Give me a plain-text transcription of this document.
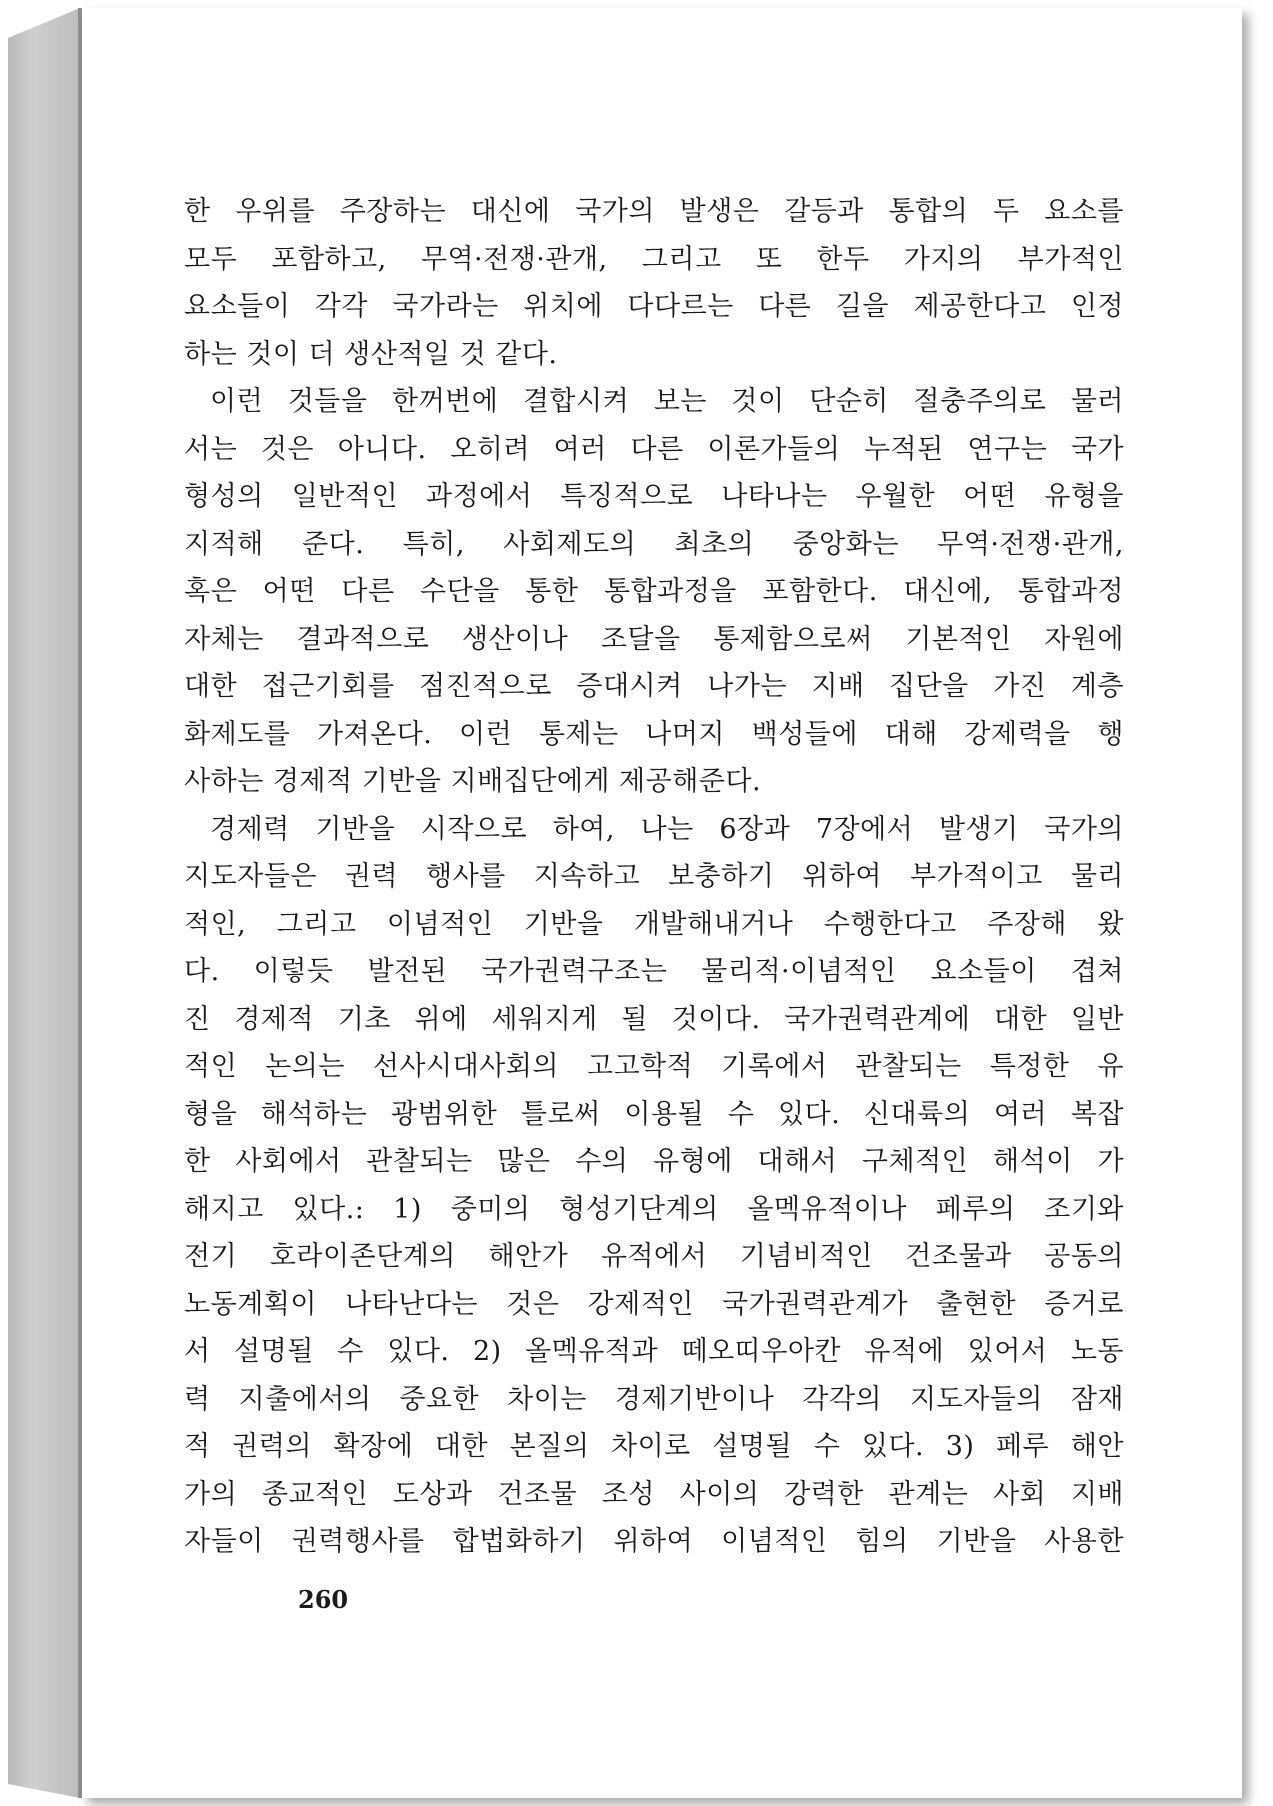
한 우위를 주장하는 대신에 국가의 발생은 갈등과 통합의 두 요소를
모두 포함하고, 무역·전쟁·관개, 그리고 또 한두 가지의 부가적인
요소들이 각각 국가라는 위치에 다다르는 다른 길을 제공한다고 인정
하는 것이 더 생산적일 것 같다.
이런 것들을 한꺼번에 결합시켜 보는 것이 단순히 절충주의로 물러
서는 것은 아니다. 오히려 여러 다른 이론가들의 누적된 연구는 국가
형성의 일반적인 과정에서 특징적으로 나타나는 우월한 어떤 유형을
지적해 준다. 특히, 사회제도의 최초의 중앙화는 무역·전쟁·관개,
혹은 어떤 다른 수단을 통한 통합과정을 포함한다. 대신에, 통합과정
자체는 결과적으로 생산이나 조달을 통제함으로써 기본적인 자원에
대한 접근기회를 점진적으로 증대시켜 나가는 지배 집단을 가진 계층
화제도를 가져온다. 이런 통제는 나머지 백성들에 대해 강제력을 행
사하는 경제적 기반을 지배집단에게 제공해준다.
경제력 기반을 시작으로 하여, 나는 6장과 7장에서 발생기 국가의
지도자들은 권력 행사를 지속하고 보충하기 위하여 부가적이고 물리
적인, 그리고 이념적인 기반을 개발해내거나 수행한다고 주장해 왔
다. 이렇듯 발전된 국가권력구조는 물리적·이념적인 요소들이 겹쳐
진 경제적 기초 위에 세워지게 될 것이다. 국가권력관계에 대한 일반
적인 논의는 선사시대사회의 고고학적 기록에서 관찰되는 특정한 유
형을 해석하는 광범위한 틀로써 이용될 수 있다. 신대륙의 여러 복잡
한 사회에서 관찰되는 많은 수의 유형에 대해서 구체적인 해석이 가
해지고 있다.: 1) 중미의 형성기단계의 올멕유적이나 페루의 조기와
전기 호라이존단계의 해안가 유적에서 기념비적인 건조물과 공동의
노동계획이 나타난다는 것은 강제적인 국가권력관계가 출현한 증거로
서 설명될 수 있다. 2) 올멕유적과 떼오띠우아칸 유적에 있어서 노동
력 지출에서의 중요한 차이는 경제기반이나 각각의 지도자들의 잠재
적 권력의 확장에 대한 본질의 차이로 설명될 수 있다. 3) 페루 해안
가의 종교적인 도상과 건조물 조성 사이의 강력한 관계는 사회 지배
자들이 권력행사를 합법화하기 위하여 이념적인 힘의 기반을 사용한
260
